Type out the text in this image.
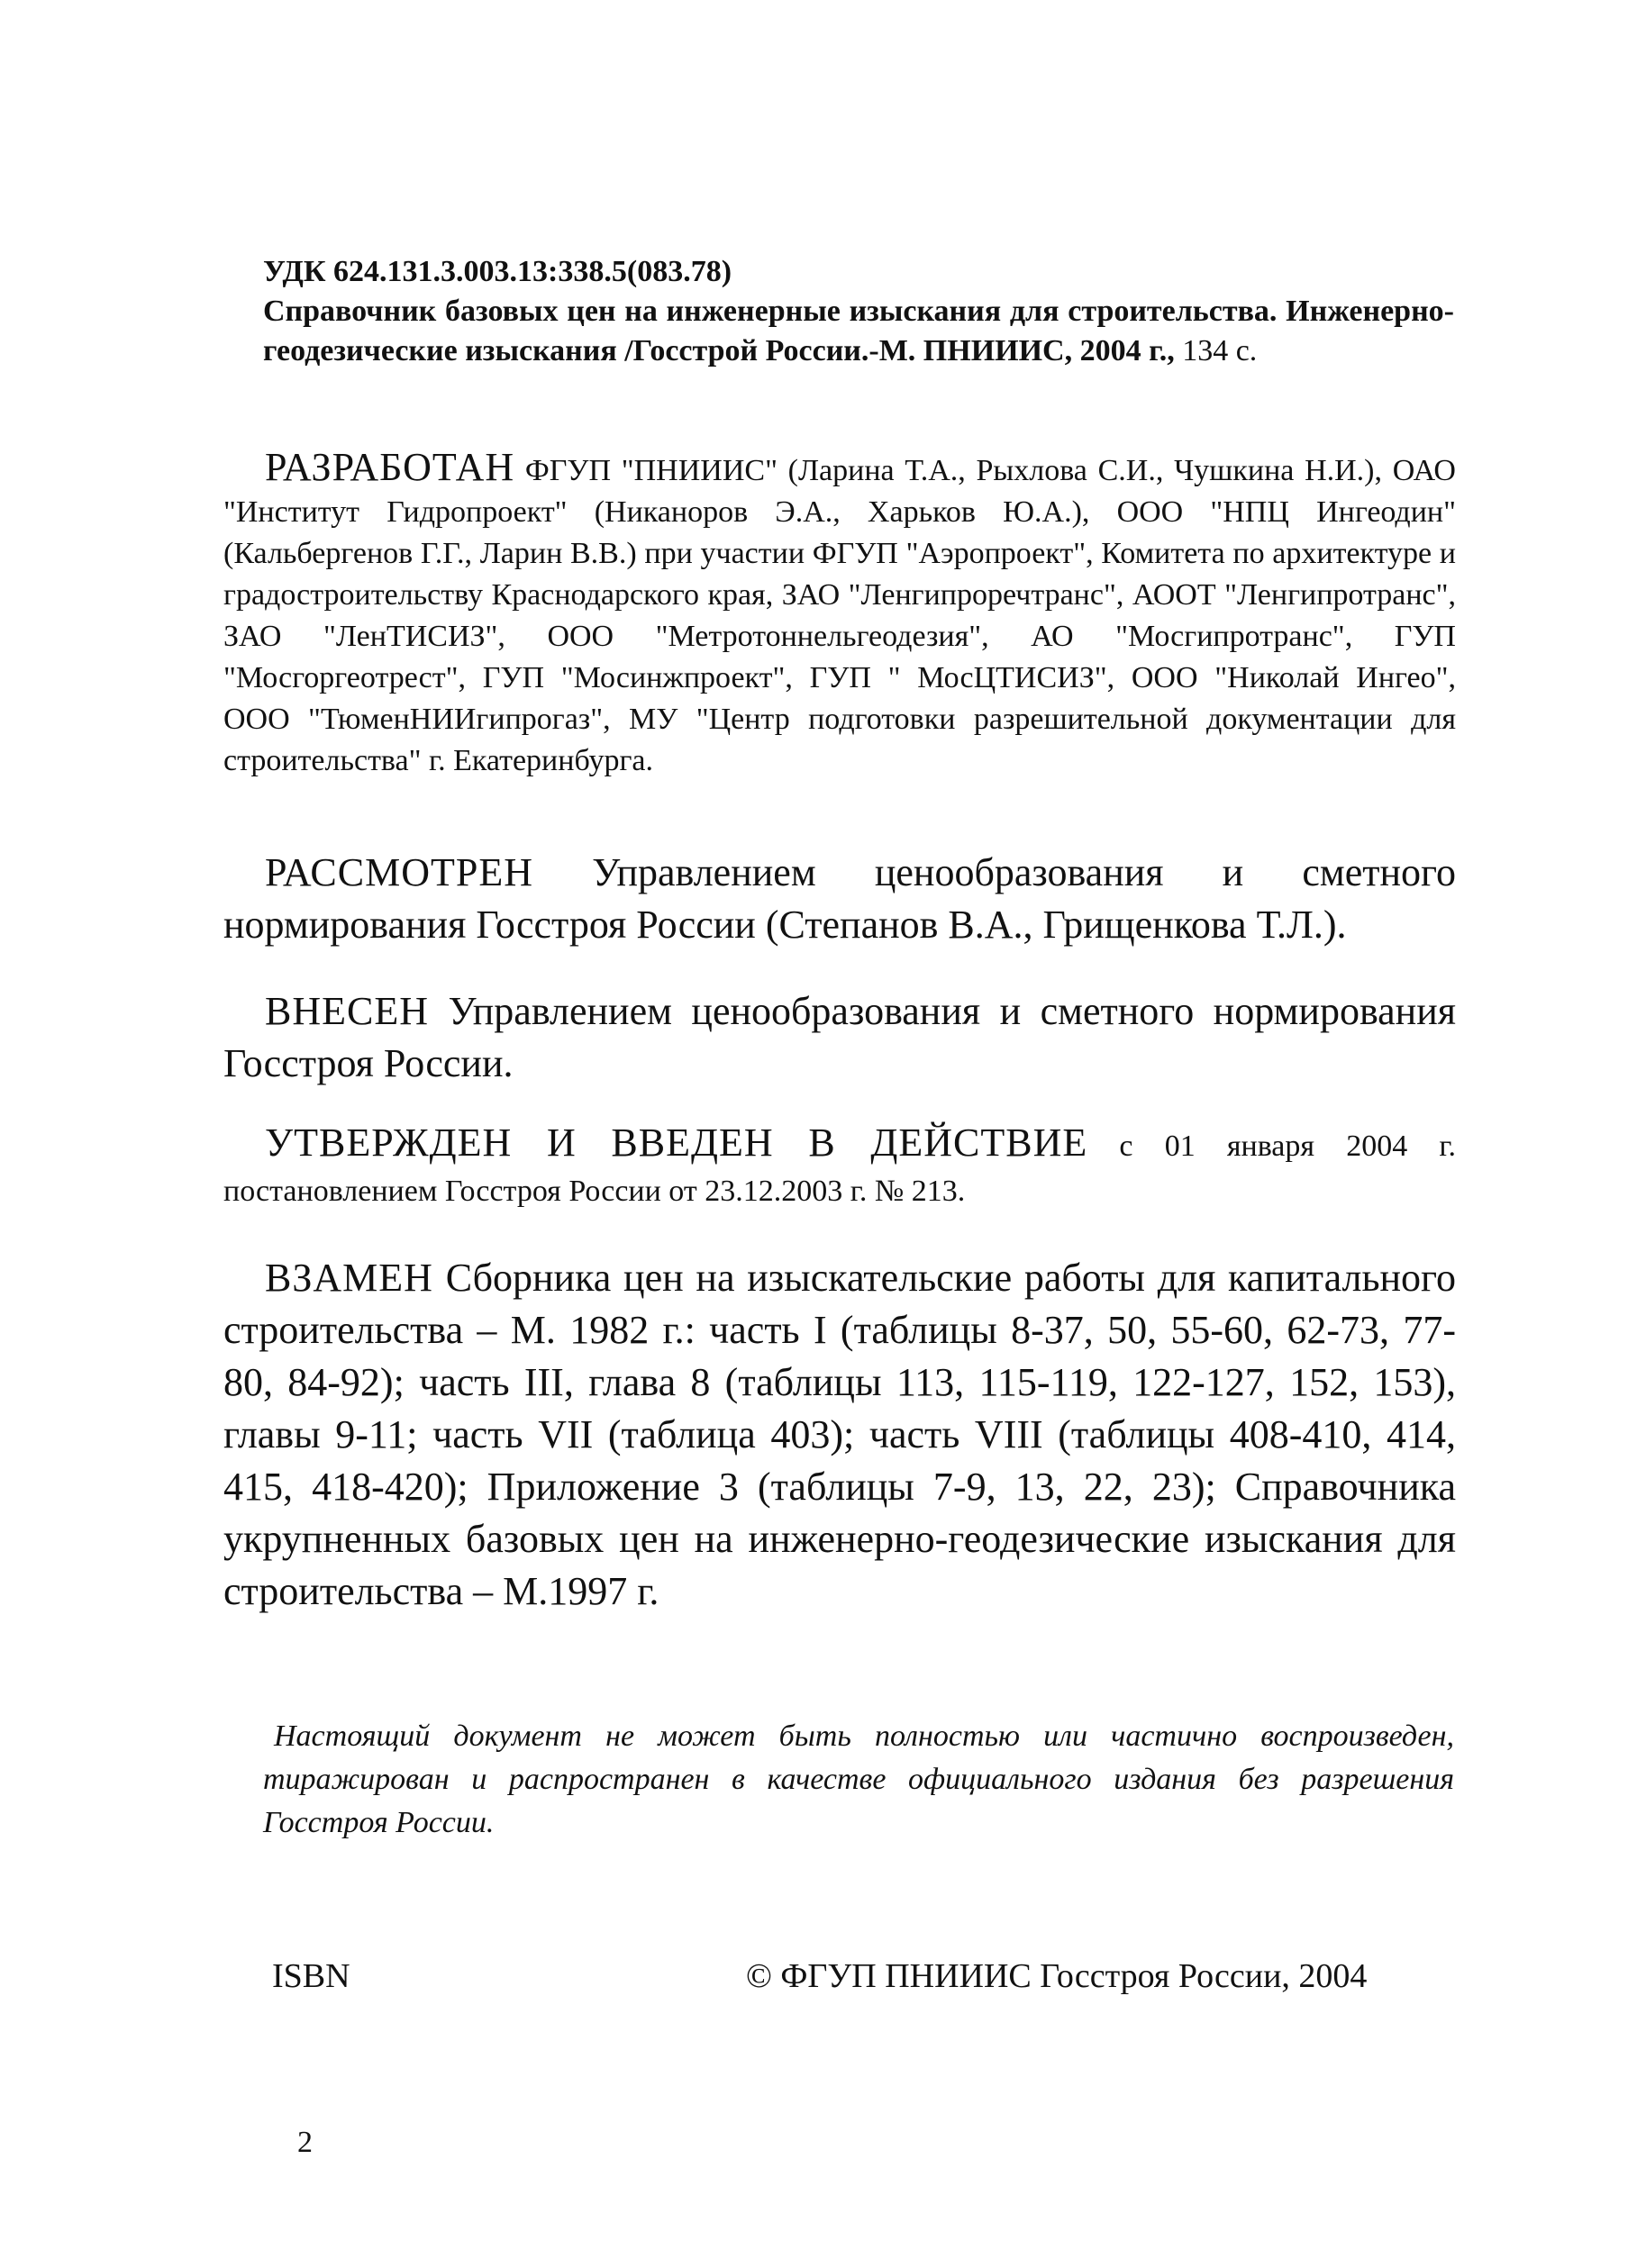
УДК 624.131.3.003.13:338.5(083.78)

Справочник базовых цен на инженерные изыскания для строительства. Инженерно-геодезические изыскания /Госстрой России.-М. ПНИИИС, 2004 г., 134 с.

РАЗРАБОТАН ФГУП "ПНИИИС" (Ларина Т.А., Рыхлова С.И., Чушкина Н.И.), ОАО "Институт Гидропроект" (Никаноров Э.А., Харьков Ю.А.), ООО "НПЦ Ингеодин" (Кальбергенов Г.Г., Ларин В.В.) при участии ФГУП "Аэропроект", Комитета по архитектуре и градостроительству Краснодарского края, ЗАО "Ленгипроречтранс", АООТ "Ленгипротранс", ЗАО "ЛенТИСИЗ", ООО "Метротоннельгеодезия", АО "Мосгипротранс", ГУП "Мосгоргеотрест", ГУП "Мосинжпроект", ГУП " МосЦТИСИЗ", ООО "Николай Ингео", ООО "ТюменНИИгипрогаз", МУ "Центр подготовки разрешительной документации для строительства" г. Екатеринбурга.

РАССМОТРЕН Управлением ценообразования и сметного нормирования Госстроя России (Степанов В.А., Грищенкова Т.Л.).

ВНЕСЕН Управлением ценообразования и сметного нормирования Госстроя России.

УТВЕРЖДЕН И ВВЕДЕН В ДЕЙСТВИЕ с 01 января 2004 г. постановлением Госстроя России от 23.12.2003 г. № 213.

ВЗАМЕН Сборника цен на изыскательские работы для капитального строительства – М. 1982 г.: часть I (таблицы 8-37, 50, 55-60, 62-73, 77-80, 84-92); часть III, глава 8 (таблицы 113, 115-119, 122-127, 152, 153), главы 9-11; часть VII (таблица 403); часть VIII (таблицы 408-410, 414, 415, 418-420); Приложение 3 (таблицы 7-9, 13, 22, 23); Справочника укрупненных базовых цен на инженерно-геодезические изыскания для строительства – М.1997 г.

Настоящий документ не может быть полностью или частично воспроизведен, тиражирован и распространен в качестве официального издания без разрешения Госстроя России.

ISBN	© ФГУП ПНИИИС Госстроя России, 2004

2
